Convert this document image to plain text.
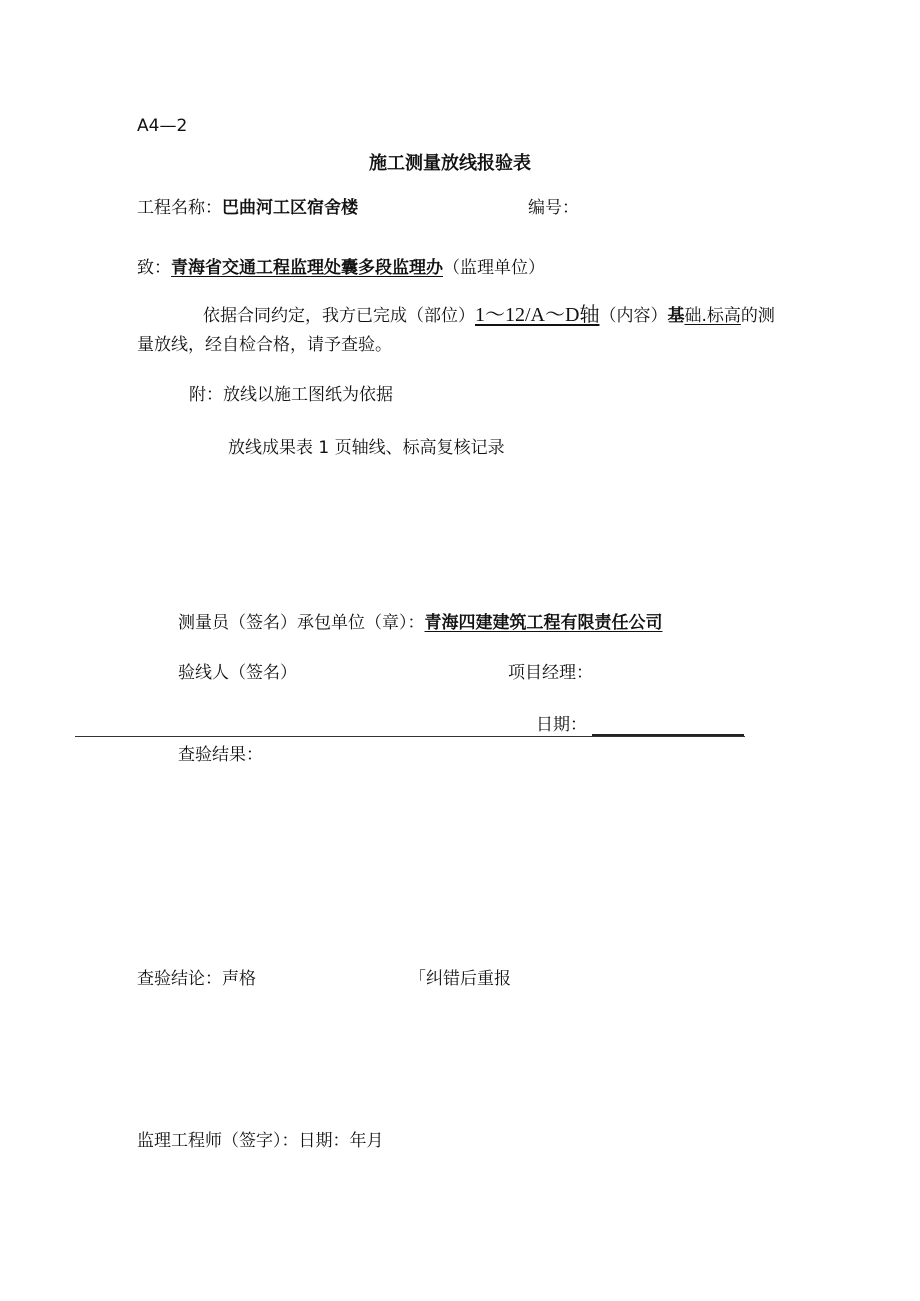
A4—2
施工测量放线报验表
工程名称：巴曲河工区宿舍楼	编号：
致：青海省交通工程监理处囊多段监理办（监理单位）
依据合同约定，我方已完成（部位）1～12/A～D轴（内容）基础.标高的测
量放线，经自检合格，请予查验。
附：放线以施工图纸为依据
放线成果表 1 页轴线、标高复核记录
测量员（签名）承包单位（章）：青海四建建筑工程有限责任公司
验线人（签名）	项目经理：
日期：
查验结果：
查验结论：声格	「纠错后重报
监理工程师（签字）：日期：年月
